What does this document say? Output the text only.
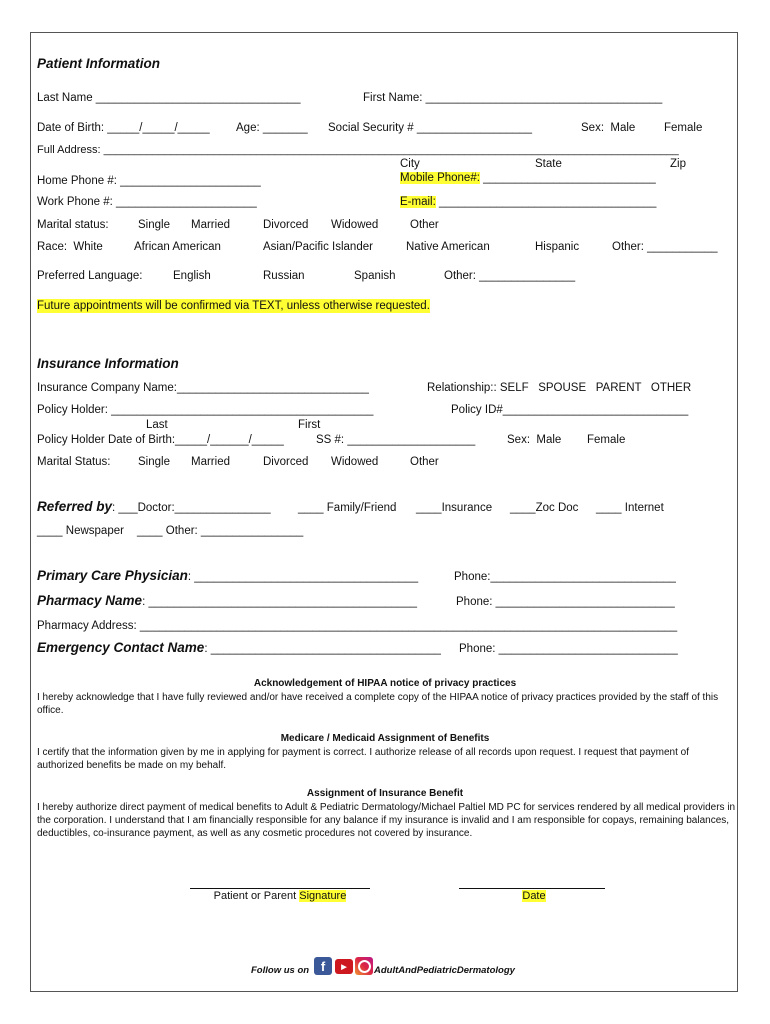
Patient Information
Last Name ________________________________	First Name: _____________________________________
Date of Birth: _____/_____/_____ Age: _______ Social Security # __________________	Sex:  Male Female
Full Address: ______________________________________________________________________________________________
City	State	Zip
Home Phone #: ______________________	Mobile Phone#: ___________________________
Work Phone #: ______________________	E-mail: __________________________________
Marital status:	Single Married	Divorced Widowed	Other
Race:  White	African American	Asian/Pacific Islander	Native American	Hispanic	Other: ___________
Preferred Language:	English	Russian	Spanish	Other: _______________
Future appointments will be confirmed via TEXT, unless otherwise requested.
Insurance Information
Insurance Company Name:______________________________	Relationship:: SELF   SPOUSE   PARENT   OTHER
Policy Holder: _________________________________________	Policy ID#_____________________________
Last	First
Policy Holder Date of Birth:_____/______/_____	SS #: ____________________	Sex:  Male Female
Marital Status: Single Married	Divorced Widowed	Other
Referred by: ___Doctor:_______________ ____ Family/Friend ____Insurance ____Zoc Doc ____ Internet
____ Newspaper ____ Other: ________________
Primary Care Physician: ___________________________________	Phone:_____________________________
Pharmacy Name: __________________________________________	Phone: ____________________________
Pharmacy Address: ____________________________________________________________________________________
Emergency Contact Name: ____________________________________ Phone: ____________________________
Acknowledgement of HIPAA notice of privacy practices
I hereby acknowledge that I have fully reviewed and/or have received a complete copy of the HIPAA notice of privacy practices provided by the staff of this office.
Medicare / Medicaid Assignment of Benefits
I certify that the information given by me in applying for payment is correct. I authorize release of all records upon request. I request that payment of authorized benefits be made on my behalf.
Assignment of Insurance Benefit
I hereby authorize direct payment of medical benefits to Adult & Pediatric Dermatology/Michael Paltiel MD PC for services rendered by all medical providers in the corporation. I understand that I am financially responsible for any balance if my insurance is invalid and I am responsible for copays, remaining balances, deductibles, co-insurance payment, as well as any cosmetic procedures not covered by insurance.
Patient or Parent Signature	Date
Follow us on f	▶	AdultAndPediatricDermatology
